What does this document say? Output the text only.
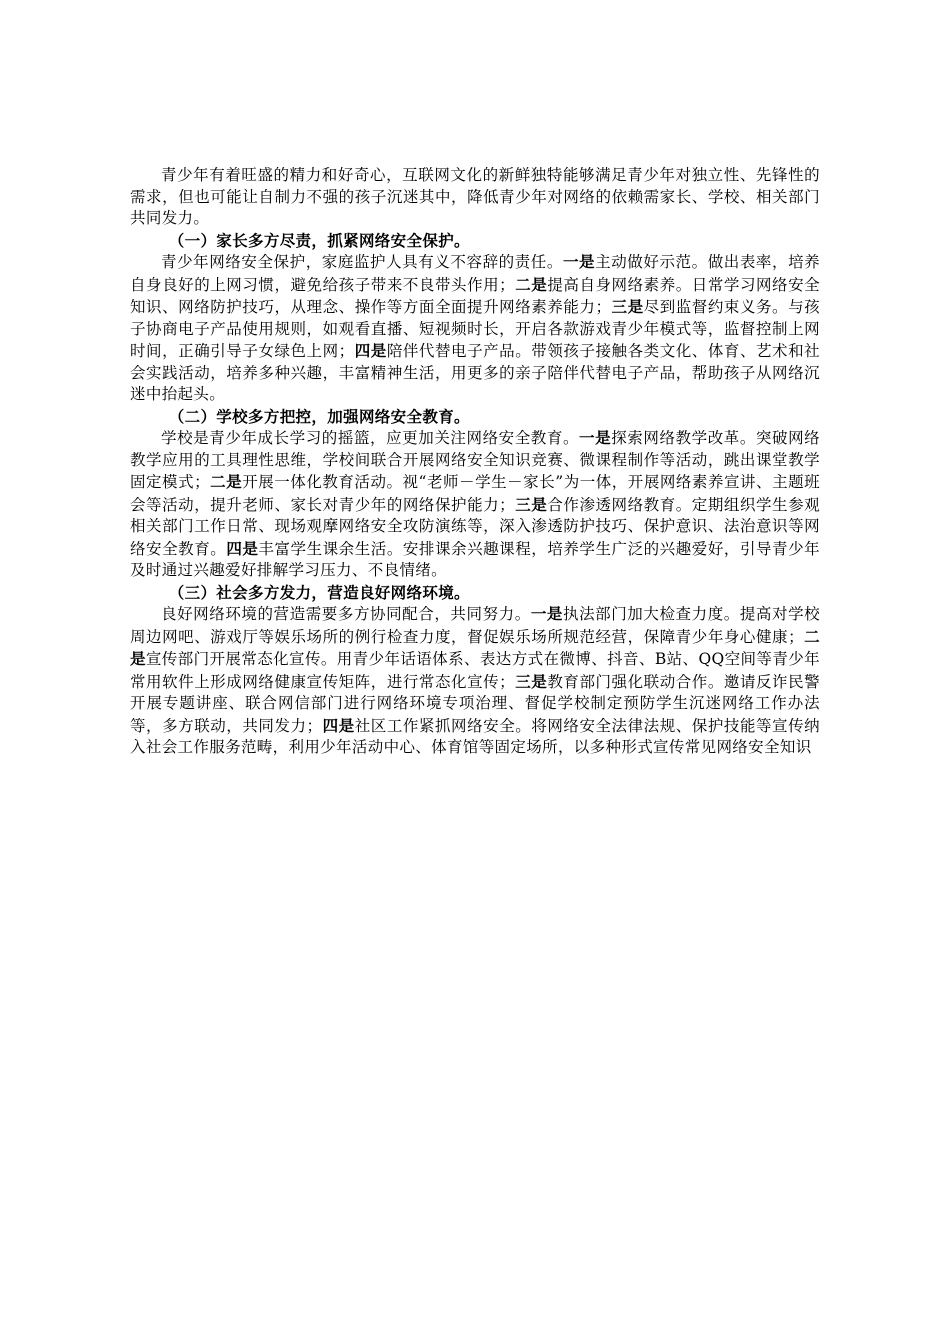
青少年有着旺盛的精力和好奇心，互联网文化的新鲜独特能够满足青少年对独立性、先锋性的需求，但也可能让自制力不强的孩子沉迷其中，降低青少年对网络的依赖需家长、学校、相关部门共同发力。

（一）家长多方尽责，抓紧网络安全保护。

青少年网络安全保护，家庭监护人具有义不容辞的责任。一是主动做好示范。做出表率，培养自身良好的上网习惯，避免给孩子带来不良带头作用；二是提高自身网络素养。日常学习网络安全知识、网络防护技巧，从理念、操作等方面全面提升网络素养能力；三是尽到监督约束义务。与孩子协商电子产品使用规则，如观看直播、短视频时长，开启各款游戏青少年模式等，监督控制上网时间，正确引导子女绿色上网；四是陪伴代替电子产品。带领孩子接触各类文化、体育、艺术和社会实践活动，培养多种兴趣，丰富精神生活，用更多的亲子陪伴代替电子产品，帮助孩子从网络沉迷中抬起头。

（二）学校多方把控，加强网络安全教育。

学校是青少年成长学习的摇篮，应更加关注网络安全教育。一是探索网络教学改革。突破网络教学应用的工具理性思维，学校间联合开展网络安全知识竞赛、微课程制作等活动，跳出课堂教学固定模式；二是开展一体化教育活动。视“老师－学生－家长”为一体，开展网络素养宣讲、主题班会等活动，提升老师、家长对青少年的网络保护能力；三是合作渗透网络教育。定期组织学生参观相关部门工作日常、现场观摩网络安全攻防演练等，深入渗透防护技巧、保护意识、法治意识等网络安全教育。四是丰富学生课余生活。安排课余兴趣课程，培养学生广泛的兴趣爱好，引导青少年及时通过兴趣爱好排解学习压力、不良情绪。

（三）社会多方发力，营造良好网络环境。

良好网络环境的营造需要多方协同配合，共同努力。一是执法部门加大检查力度。提高对学校周边网吧、游戏厅等娱乐场所的例行检查力度，督促娱乐场所规范经营，保障青少年身心健康；二是宣传部门开展常态化宣传。用青少年话语体系、表达方式在微博、抖音、B站、QQ空间等青少年常用软件上形成网络健康宣传矩阵，进行常态化宣传；三是教育部门强化联动合作。邀请反诈民警开展专题讲座、联合网信部门进行网络环境专项治理、督促学校制定预防学生沉迷网络工作办法等，多方联动，共同发力；四是社区工作紧抓网络安全。将网络安全法律法规、保护技能等宣传纳入社会工作服务范畴，利用少年活动中心、体育馆等固定场所，以多种形式宣传常见网络安全知识
